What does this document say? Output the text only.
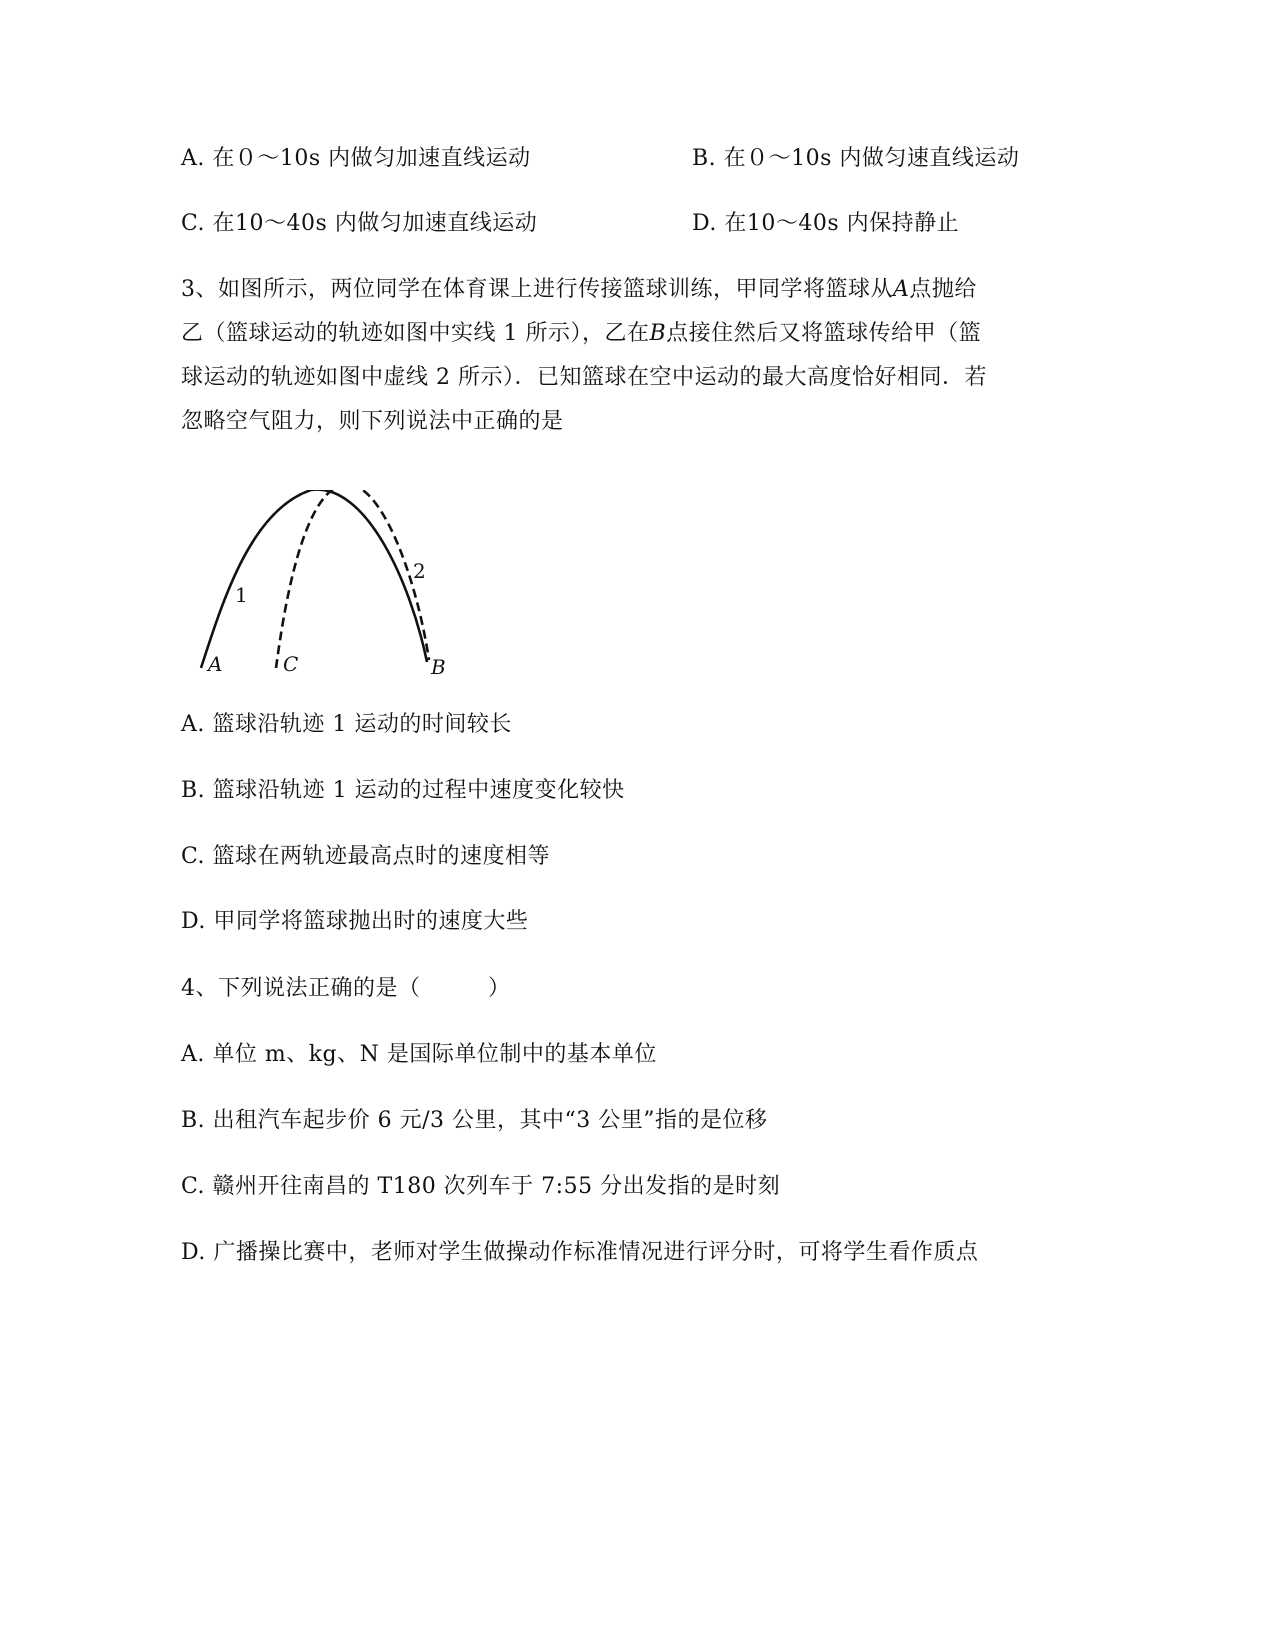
A. 在０～10s 内做匀加速直线运动	B. 在０～10s 内做匀速直线运动
C. 在10～40s 内做匀加速直线运动	D. 在10～40s 内保持静止
3、如图所示，两位同学在体育课上进行传接篮球训练，甲同学将篮球从A点抛给
乙（篮球运动的轨迹如图中实线 1 所示），乙在B点接住然后又将篮球传给甲（篮
球运动的轨迹如图中虚线 2 所示）．已知篮球在空中运动的最大高度恰好相同．若
忽略空气阻力，则下列说法中正确的是
1
2
A	C	B
A. 篮球沿轨迹 1 运动的时间较长
B. 篮球沿轨迹 1 运动的过程中速度变化较快
C. 篮球在两轨迹最高点时的速度相等
D. 甲同学将篮球抛出时的速度大些
4、下列说法正确的是（　　　）
A. 单位 m、kg、N 是国际单位制中的基本单位
B. 出租汽车起步价 6 元/3 公里，其中“3 公里”指的是位移
C. 赣州开往南昌的 T180 次列车于 7:55 分出发指的是时刻
D. 广播操比赛中，老师对学生做操动作标准情况进行评分时，可将学生看作质点
